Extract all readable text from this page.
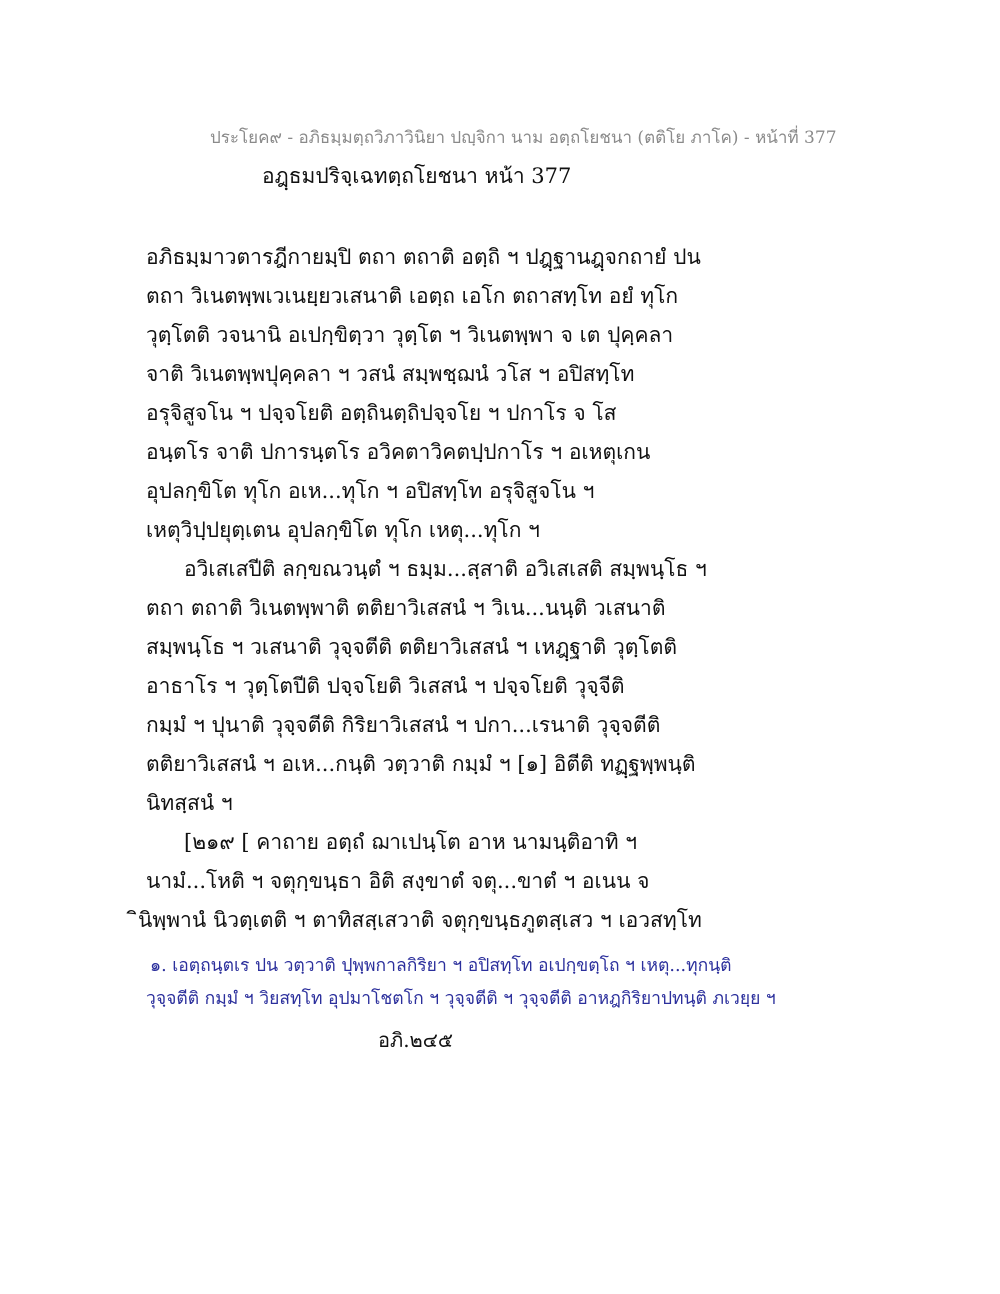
ประโยค๙ - อภิธมฺมตฺถวิภาวินิยา ปญฺจิกา นาม อตฺถโยชนา (ตติโย ภาโค) - หน้าที่ 377
อฎฺธมปริจฺเฉทตฺถโยชนา หน้า 377
อภิธมฺมาวตารฎีกายมฺปิ ตถา ตถาติ อตฺถิ ฯ ปฎฺฐานฎฺจกถายํ ปน
ตถา วิเนตพฺพเวเนยฺยวเสนาติ เอตฺถ เอโก ตถาสทฺโท อยํ ทุโก
วุตฺโตติ วจนานิ อเปกฺขิตฺวา วุตฺโต ฯ วิเนตพฺพา จ เต ปุคฺคลา
จาติ วิเนตพฺพปุคฺคลา ฯ วสนํ สมฺพชฺฌนํ วโส ฯ อปิสทฺโท
อรุจิสูจโน ฯ ปจฺจโยติ อตฺถินตฺถิปจฺจโย ฯ ปกาโร จ โส
อนฺตโร จาติ ปการนฺตโร อวิคตาวิคตปฺปกาโร ฯ อเหตุเกน
อุปลกฺขิโต ทุโก อเห...ทุโก ฯ อปิสทฺโท อรุจิสูจโน ฯ
เหตุวิปฺปยุตฺเตน อุปลกฺขิโต ทุโก เหตุ...ทุโก ฯ
อวิเสเสปีติ ลกฺขณวนฺตํ ฯ ธมฺม...สฺสาติ อวิเสเสติ สมฺพนฺโธ ฯ
ตถา ตถาติ วิเนตพฺพาติ ตติยาวิเสสนํ ฯ วิเน...นนฺติ วเสนาติ
สมฺพนฺโธ ฯ วเสนาติ วุจฺจตีติ ตติยาวิเสสนํ ฯ เหฎฺฐาติ วุตฺโตติ
อาธาโร ฯ วุตฺโตปีติ ปจฺจโยติ วิเสสนํ ฯ ปจฺจโยติ วุจฺจีติ
กมฺมํ ฯ ปุนาติ วุจฺจตีติ กิริยาวิเสสนํ ฯ ปกา...เรนาติ วุจฺจตีติ
ตติยาวิเสสนํ ฯ อเห...กนฺติ วตฺวาติ กมฺมํ ฯ [๑] อิตีติ ทฏฺฐพฺพนฺติ
นิทสฺสนํ ฯ
[๒๑๙ [ คาถาย อตฺถํ ฌาเปนฺโต อาห นามนฺติอาทิ ฯ
นามํ...โหติ ฯ จตุกฺขนฺธา อิติ สงฺขาตํ จตุ...ขาตํ ฯ อเนน จ
ินิพฺพานํ นิวตฺเตติ ฯ ตาทิสสฺเสวาติ จตุกฺขนฺธภูตสฺเสว ฯ เอวสทฺโท
๑. เอตฺถนฺตเร ปน วตฺวาติ ปุพฺพกาลกิริยา ฯ อปิสทฺโท อเปกฺขตฺโถ ฯ เหตุ...ทุกนฺติ
วุจฺจตีติ กมฺมํ ฯ วิยสทฺโท อุปมาโชตโก ฯ วุจฺจตีติ ฯ วุจฺจตีติ อาหฎกิริยาปทนฺติ ภเวยฺย ฯ
อภิ.๒๔๕
